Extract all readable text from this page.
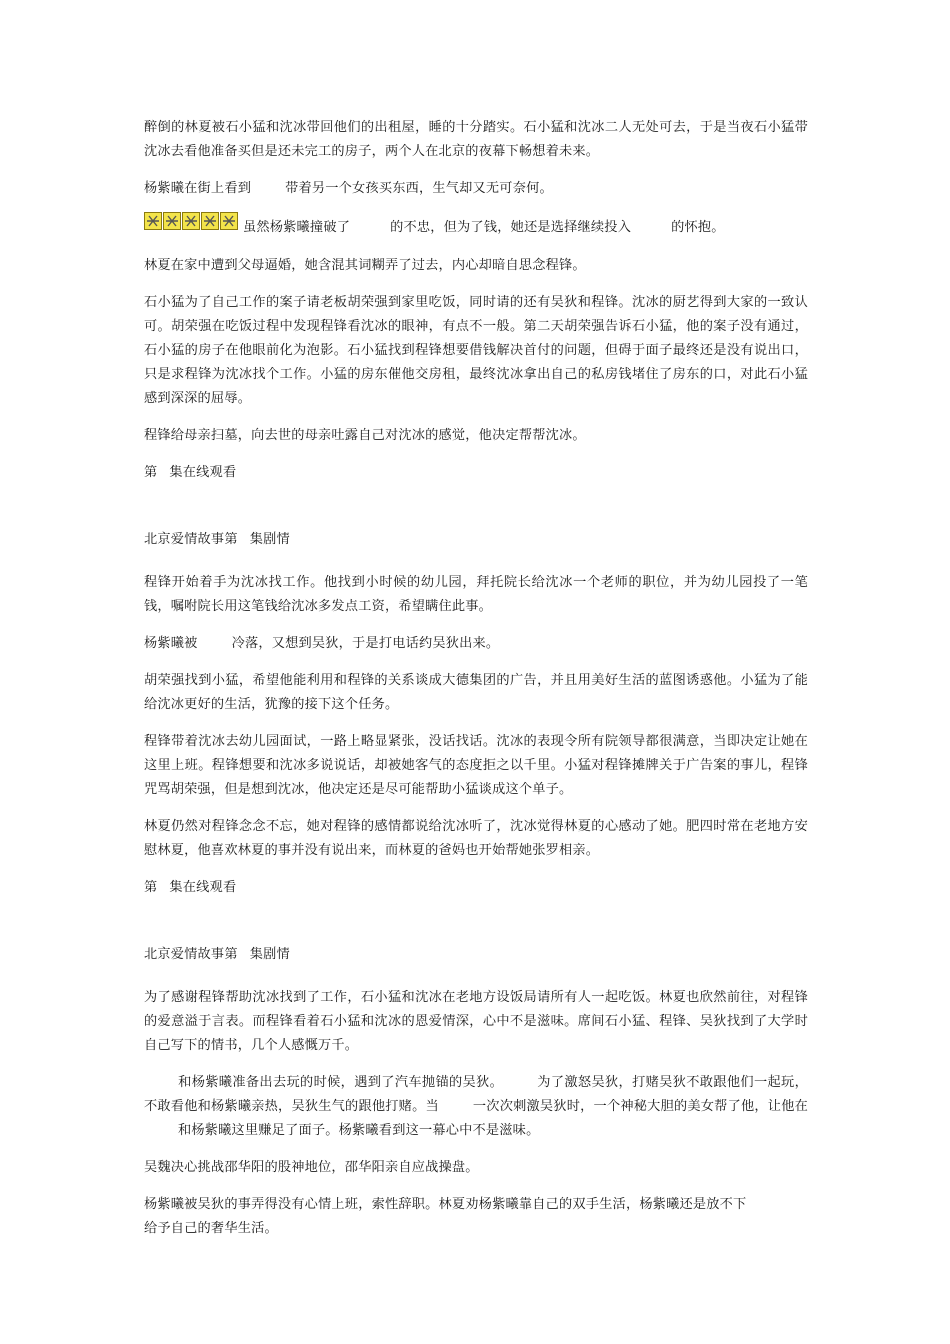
醉倒的林夏被石小猛和沈冰带回他们的出租屋，睡的十分踏实。石小猛和沈冰二人无处可去，于是当夜石小猛带沈冰去看他准备买但是还未完工的房子，两个人在北京的夜幕下畅想着未来。

杨紫曦在街上看到	带着另一个女孩买东西，生气却又无可奈何。

虽然杨紫曦撞破了	的不忠，但为了钱，她还是选择继续投入	的怀抱。

林夏在家中遭到父母逼婚，她含混其词糊弄了过去，内心却暗自思念程锋。

石小猛为了自己工作的案子请老板胡荣强到家里吃饭，同时请的还有吴狄和程锋。沈冰的厨艺得到大家的一致认可。胡荣强在吃饭过程中发现程锋看沈冰的眼神，有点不一般。第二天胡荣强告诉石小猛，他的案子没有通过，石小猛的房子在他眼前化为泡影。石小猛找到程锋想要借钱解决首付的问题，但碍于面子最终还是没有说出口，只是求程锋为沈冰找个工作。小猛的房东催他交房租，最终沈冰拿出自己的私房钱堵住了房东的口，对此石小猛感到深深的屈辱。

程锋给母亲扫墓，向去世的母亲吐露自己对沈冰的感觉，他决定帮帮沈冰。

第 集在线观看

北京爱情故事第 集剧情

程锋开始着手为沈冰找工作。他找到小时候的幼儿园，拜托院长给沈冰一个老师的职位，并为幼儿园投了一笔钱，嘱咐院长用这笔钱给沈冰多发点工资，希望瞒住此事。

杨紫曦被	冷落，又想到吴狄，于是打电话约吴狄出来。

胡荣强找到小猛，希望他能利用和程锋的关系谈成大德集团的广告，并且用美好生活的蓝图诱惑他。小猛为了能给沈冰更好的生活，犹豫的接下这个任务。

程锋带着沈冰去幼儿园面试，一路上略显紧张，没话找话。沈冰的表现令所有院领导都很满意，当即决定让她在这里上班。程锋想要和沈冰多说说话，却被她客气的态度拒之以千里。小猛对程锋摊牌关于广告案的事儿，程锋咒骂胡荣强，但是想到沈冰，他决定还是尽可能帮助小猛谈成这个单子。

林夏仍然对程锋念念不忘，她对程锋的感情都说给沈冰听了，沈冰觉得林夏的心感动了她。肥四时常在老地方安慰林夏，他喜欢林夏的事并没有说出来，而林夏的爸妈也开始帮她张罗相亲。

第 集在线观看

北京爱情故事第 集剧情

为了感谢程锋帮助沈冰找到了工作，石小猛和沈冰在老地方设饭局请所有人一起吃饭。林夏也欣然前往，对程锋的爱意溢于言表。而程锋看着石小猛和沈冰的恩爱情深，心中不是滋味。席间石小猛、程锋、吴狄找到了大学时自己写下的情书，几个人感慨万千。

和杨紫曦准备出去玩的时候，遇到了汽车抛锚的吴狄。	为了激怒吴狄，打赌吴狄不敢跟他们一起玩，不敢看他和杨紫曦亲热，吴狄生气的跟他打赌。当	一次次刺激吴狄时，一个神秘大胆的美女帮了他，让他在和杨紫曦这里赚足了面子。杨紫曦看到这一幕心中不是滋味。

吴魏决心挑战邵华阳的股神地位，邵华阳亲自应战操盘。

杨紫曦被吴狄的事弄得没有心情上班，索性辞职。林夏劝杨紫曦靠自己的双手生活，杨紫曦还是放不下
给予自己的奢华生活。
